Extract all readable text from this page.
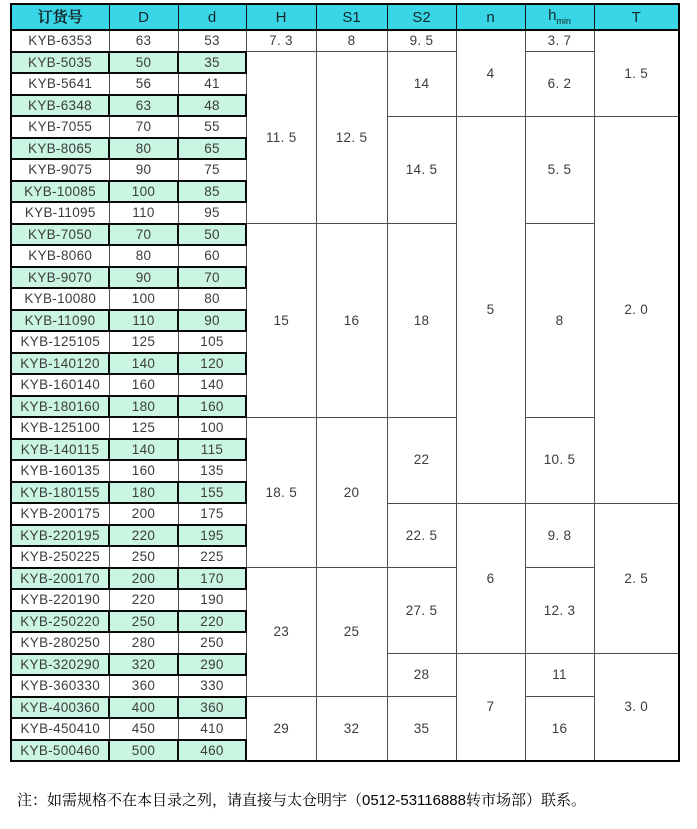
订货号	D	d	H	S1	S2	n	$h_{min}$	T
KYB-6353	63	53	7. 3	8	9. 5	4	3. 7	1. 5
KYB-5035	50	35	11. 5	12. 5	14		6. 2	
KYB-5641	56	41						
KYB-6348	63	48						
KYB-7055	70	55			14. 5	5	5. 5	2. 0
KYB-8065	80	65						
KYB-9075	90	75						
KYB-10085	100	85						
KYB-11095	110	95						
KYB-7050	70	50	15	16	18		8	
KYB-8060	80	60						
KYB-9070	90	70						
KYB-10080	100	80						
KYB-11090	110	90						
KYB-125105	125	105						
KYB-140120	140	120						
KYB-160140	160	140						
KYB-180160	180	160						
KYB-125100	125	100	18. 5	20	22		10. 5	
KYB-140115	140	115						
KYB-160135	160	135						
KYB-180155	180	155						
KYB-200175	200	175			22. 5	6	9. 8	2. 5
KYB-220195	220	195						
KYB-250225	250	225						
KYB-200170	200	170	23	25	27. 5		12. 3	
KYB-220190	220	190						
KYB-250220	250	220						
KYB-280250	280	250						
KYB-320290	320	290			28	7	11	3. 0
KYB-360330	360	330						
KYB-400360	400	360	29	32	35		16	
KYB-450410	450	410						
KYB-500460	500	460						
注：如需规格不在本目录之列，请直接与太仓明宇（0512-53116888转市场部）联系。
